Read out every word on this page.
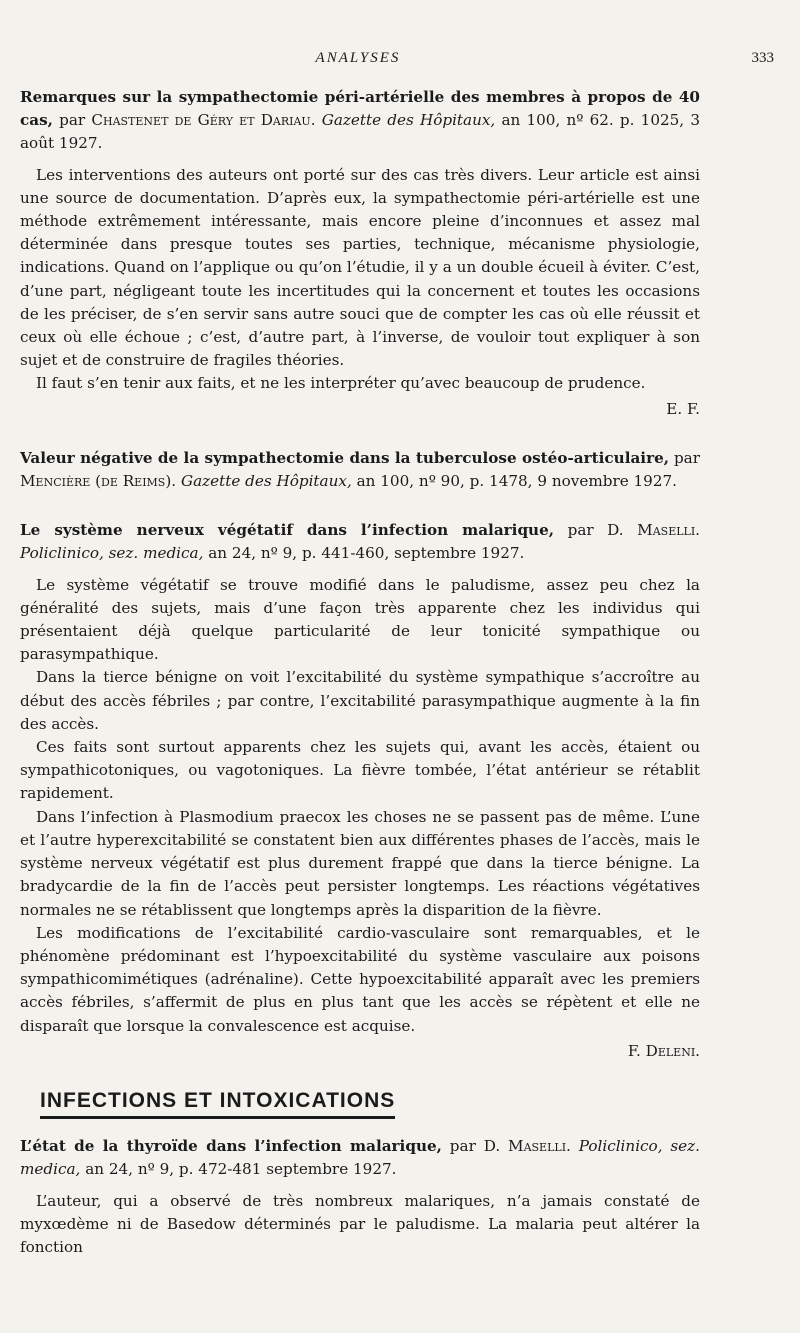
ANALYSES	333
Remarques sur la sympathectomie péri-artérielle des membres à propos de 40 cas, par Chastenet de Géry et Dariau. Gazette des Hôpitaux, an 100, nº 62. p. 1025, 3 août 1927.

Les interventions des auteurs ont porté sur des cas très divers. Leur article est ainsi une source de documentation. D’après eux, la sympathectomie péri-artérielle est une méthode extrêmement intéressante, mais encore pleine d’inconnues et assez mal déterminée dans presque toutes ses parties, technique, mécanisme physiologie, indications. Quand on l’applique ou qu’on l’étudie, il y a un double écueil à éviter. C’est, d’une part, négligeant toute les incertitudes qui la concernent et toutes les occasions de les préciser, de s’en servir sans autre souci que de compter les cas où elle réussit et ceux où elle échoue ; c’est, d’autre part, à l’inverse, de vouloir tout expliquer à son sujet et de construire de fragiles théories.

Il faut s’en tenir aux faits, et ne les interpréter qu’avec beaucoup de prudence.

E. F.
Valeur négative de la sympathectomie dans la tuberculose ostéo-articulaire, par Mencière (de Reims). Gazette des Hôpitaux, an 100, nº 90, p. 1478, 9 novembre 1927.
Le système nerveux végétatif dans l’infection malarique, par D. Maselli. Policlinico, sez. medica, an 24, nº 9, p. 441-460, septembre 1927.

Le système végétatif se trouve modifié dans le paludisme, assez peu chez la généralité des sujets, mais d’une façon très apparente chez les individus qui présentaient déjà quelque particularité de leur tonicité sympathique ou parasympathique.

Dans la tierce bénigne on voit l’excitabilité du système sympathique s’accroître au début des accès fébriles ; par contre, l’excitabilité parasympathique augmente à la fin des accès.

Ces faits sont surtout apparents chez les sujets qui, avant les accès, étaient ou sympathicotoniques, ou vagotoniques. La fièvre tombée, l’état antérieur se rétablit rapidement.

Dans l’infection à Plasmodium praecox les choses ne se passent pas de même. L’une et l’autre hyperexcitabilité se constatent bien aux différentes phases de l’accès, mais le système nerveux végétatif est plus durement frappé que dans la tierce bénigne. La bradycardie de la fin de l’accès peut persister longtemps. Les réactions végétatives normales ne se rétablissent que longtemps après la disparition de la fièvre.

Les modifications de l’excitabilité cardio-vasculaire sont remarquables, et le phénomène prédominant est l’hypoexcitabilité du système vasculaire aux poisons sympathicomimétiques (adrénaline). Cette hypoexcitabilité apparaît avec les premiers accès fébriles, s’affermit de plus en plus tant que les accès se répètent et elle ne disparaît que lorsque la convalescence est acquise.

F. Deleni.
INFECTIONS ET INTOXICATIONS
L’état de la thyroïde dans l’infection malarique, par D. Maselli. Policlinico, sez. medica, an 24, nº 9, p. 472-481 septembre 1927.

L’auteur, qui a observé de très nombreux malariques, n’a jamais constaté de myxœdème ni de Basedow déterminés par le paludisme. La malaria peut altérer la fonction
